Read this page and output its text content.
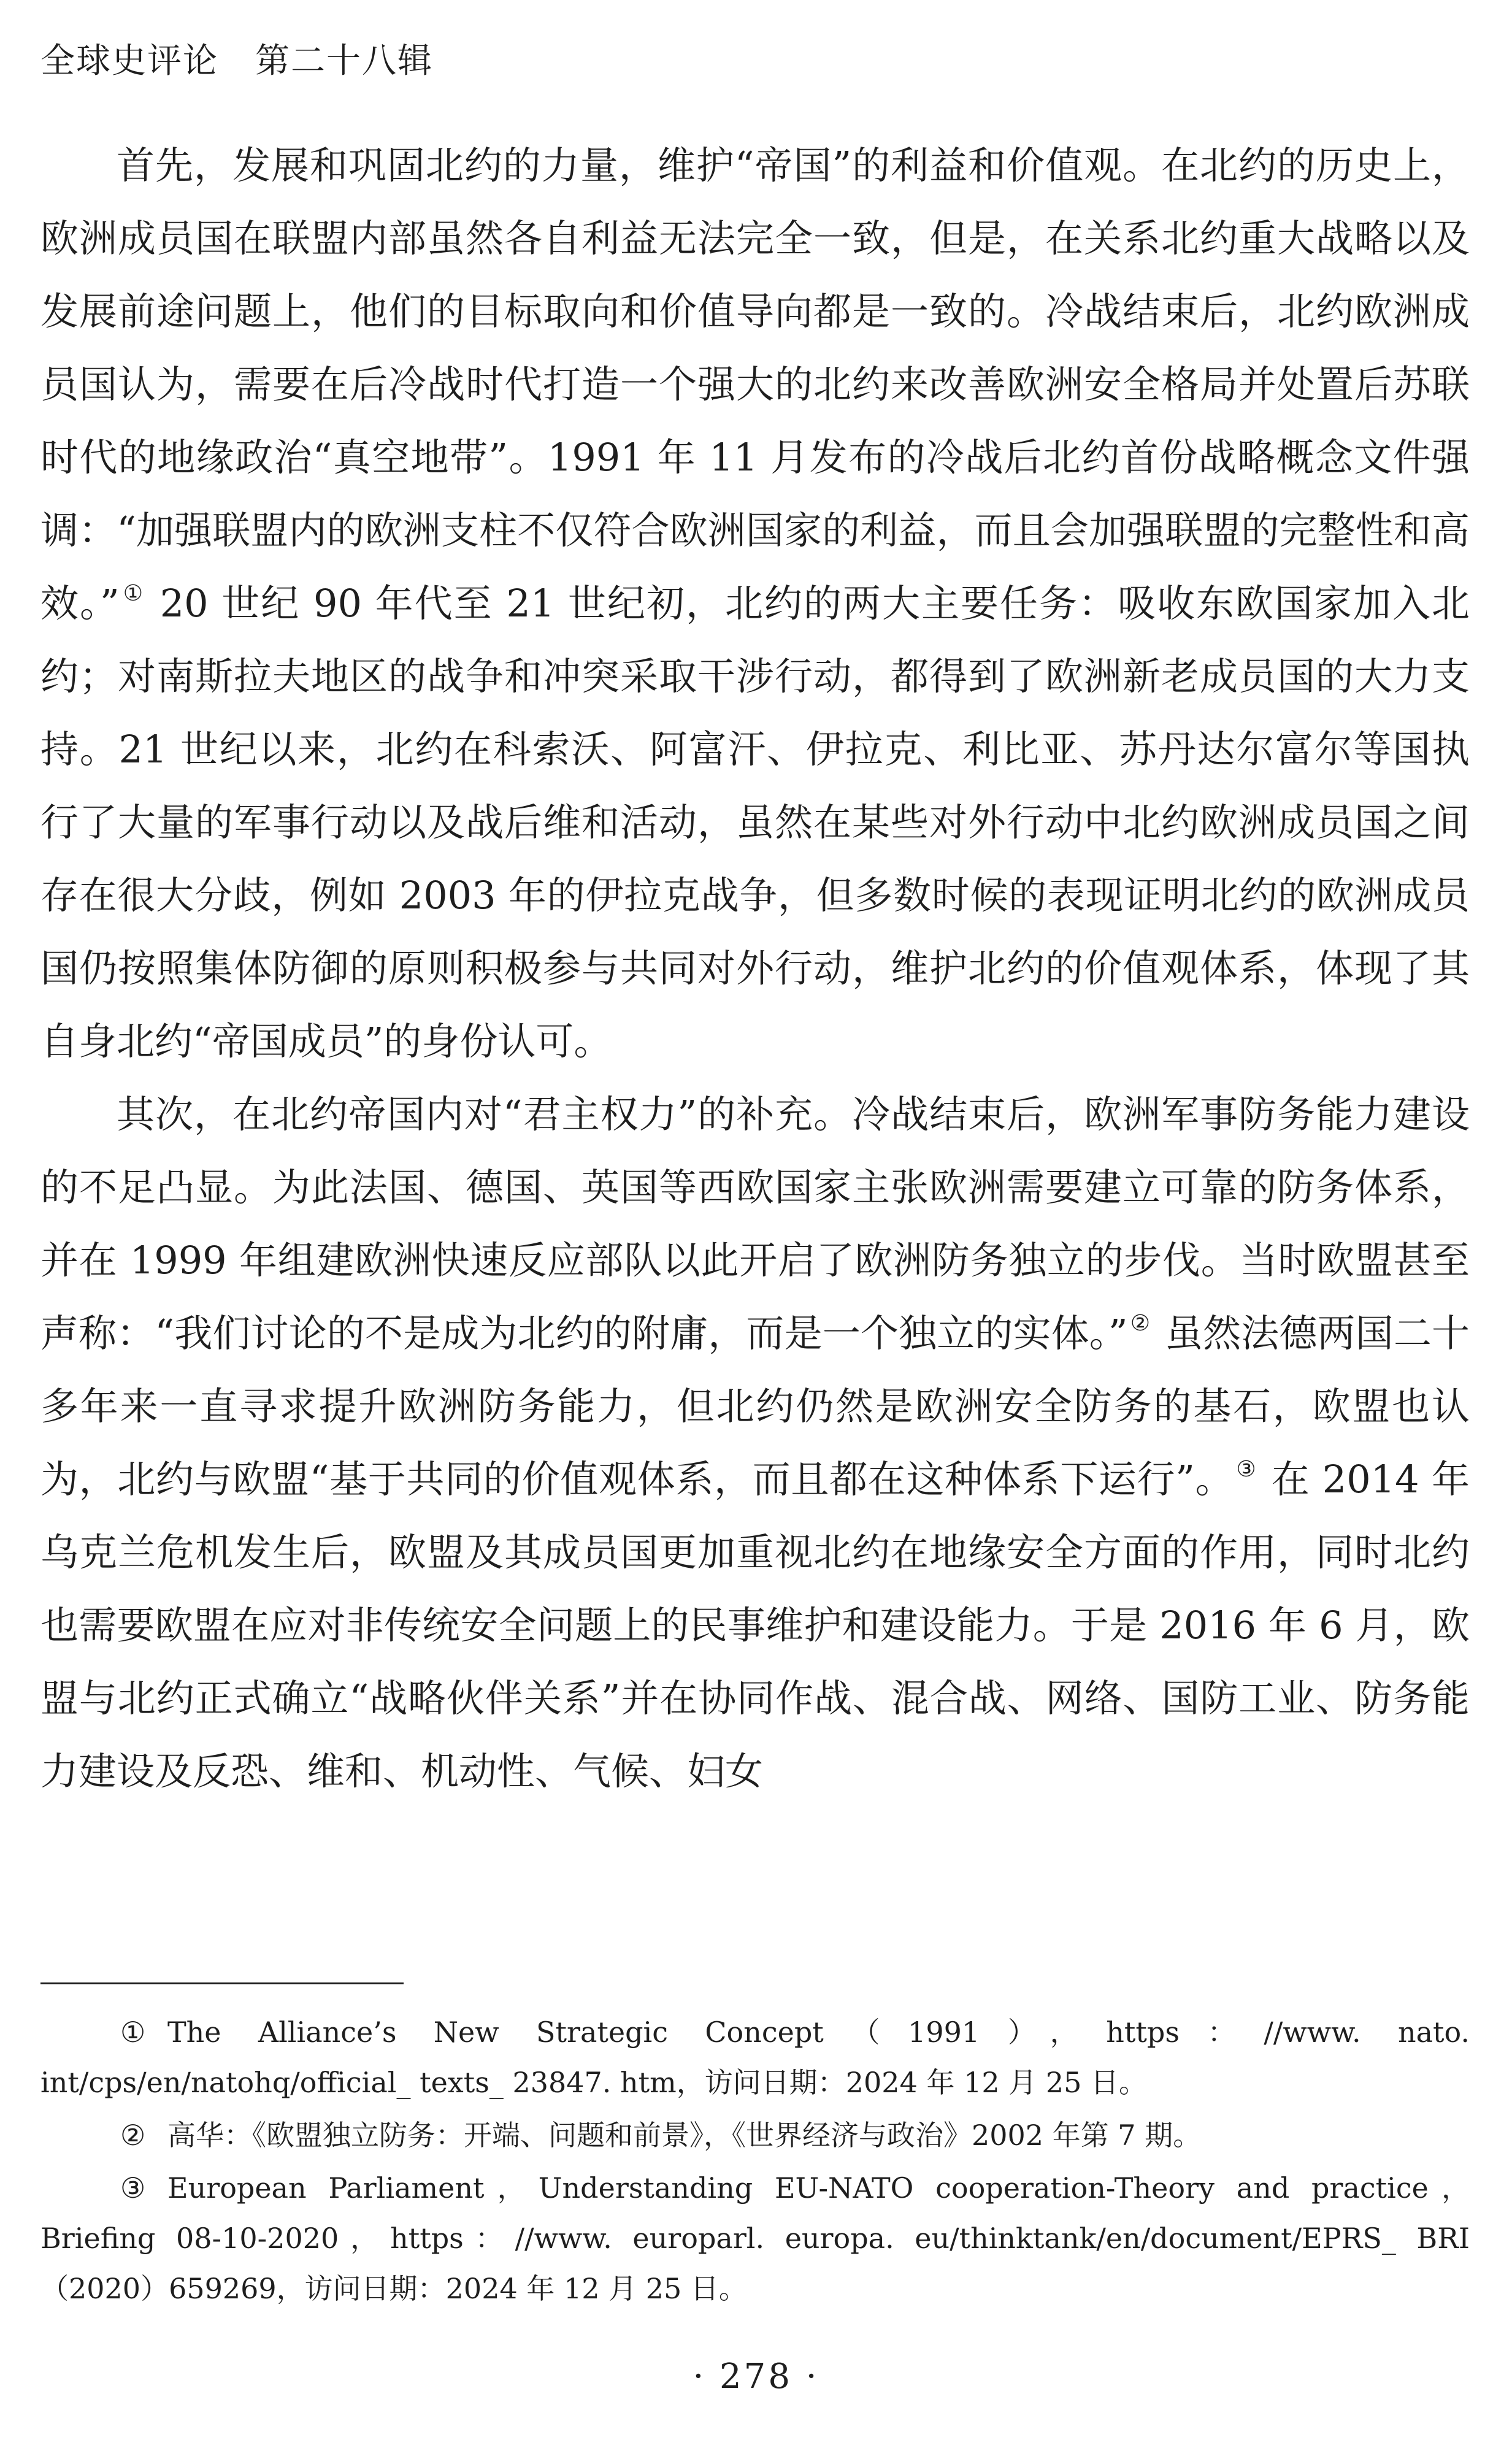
全球史评论 第二十八辑

首先，发展和巩固北约的力量，维护“帝国”的利益和价值观。在北约的历史上，欧洲成员国在联盟内部虽然各自利益无法完全一致，但是，在关系北约重大战略以及发展前途问题上，他们的目标取向和价值导向都是一致的。冷战结束后，北约欧洲成员国认为，需要在后冷战时代打造一个强大的北约来改善欧洲安全格局并处置后苏联时代的地缘政治“真空地带”。1991 年 11 月发布的冷战后北约首份战略概念文件强调：“加强联盟内的欧洲支柱不仅符合欧洲国家的利益，而且会加强联盟的完整性和高效。” ① 20 世纪 90 年代至 21 世纪初，北约的两大主要任务：吸收东欧国家加入北约；对南斯拉夫地区的战争和冲突采取干涉行动，都得到了欧洲新老成员国的大力支持。21 世纪以来，北约在科索沃、阿富汗、伊拉克、利比亚、苏丹达尔富尔等国执行了大量的军事行动以及战后维和活动，虽然在某些对外行动中北约欧洲成员国之间存在很大分歧，例如 2003 年的伊拉克战争，但多数时候的表现证明北约的欧洲成员国仍按照集体防御的原则积极参与共同对外行动，维护北约的价值观体系，体现了其自身北约“帝国成员”的身份认可。

其次，在北约帝国内对“君主权力”的补充。冷战结束后，欧洲军事防务能力建设的不足凸显。为此法国、德国、英国等西欧国家主张欧洲需要建立可靠的防务体系，并在 1999 年组建欧洲快速反应部队以此开启了欧洲防务独立的步伐。当时欧盟甚至声称：“我们讨论的不是成为北约的附庸，而是一个独立的实体。” ② 虽然法德两国二十多年来一直寻求提升欧洲防务能力，但北约仍然是欧洲安全防务的基石，欧盟也认为，北约与欧盟“基于共同的价值观体系，而且都在这种体系下运行”。 ③ 在 2014 年乌克兰危机发生后，欧盟及其成员国更加重视北约在地缘安全方面的作用，同时北约也需要欧盟在应对非传统安全问题上的民事维护和建设能力。于是 2016 年 6 月，欧盟与北约正式确立“战略伙伴关系”并在协同作战、混合战、网络、国防工业、防务能力建设及反恐、维和、机动性、气候、妇女

① The Alliance’s New Strategic Concept（1991），https：//www. nato. int/cps/en/natohq/official_ texts_ 23847. htm，访问日期：2024 年 12 月 25 日。

② 高华：《欧盟独立防务：开端、问题和前景》，《世界经济与政治》2002 年第 7 期。

③ European Parliament，Understanding EU-NATO cooperation-Theory and practice，Briefing 08-10-2020，https：//www. europarl. europa. eu/thinktank/en/document/EPRS_ BRI（2020）659269，访问日期：2024 年 12 月 25 日。

· 278 ·
